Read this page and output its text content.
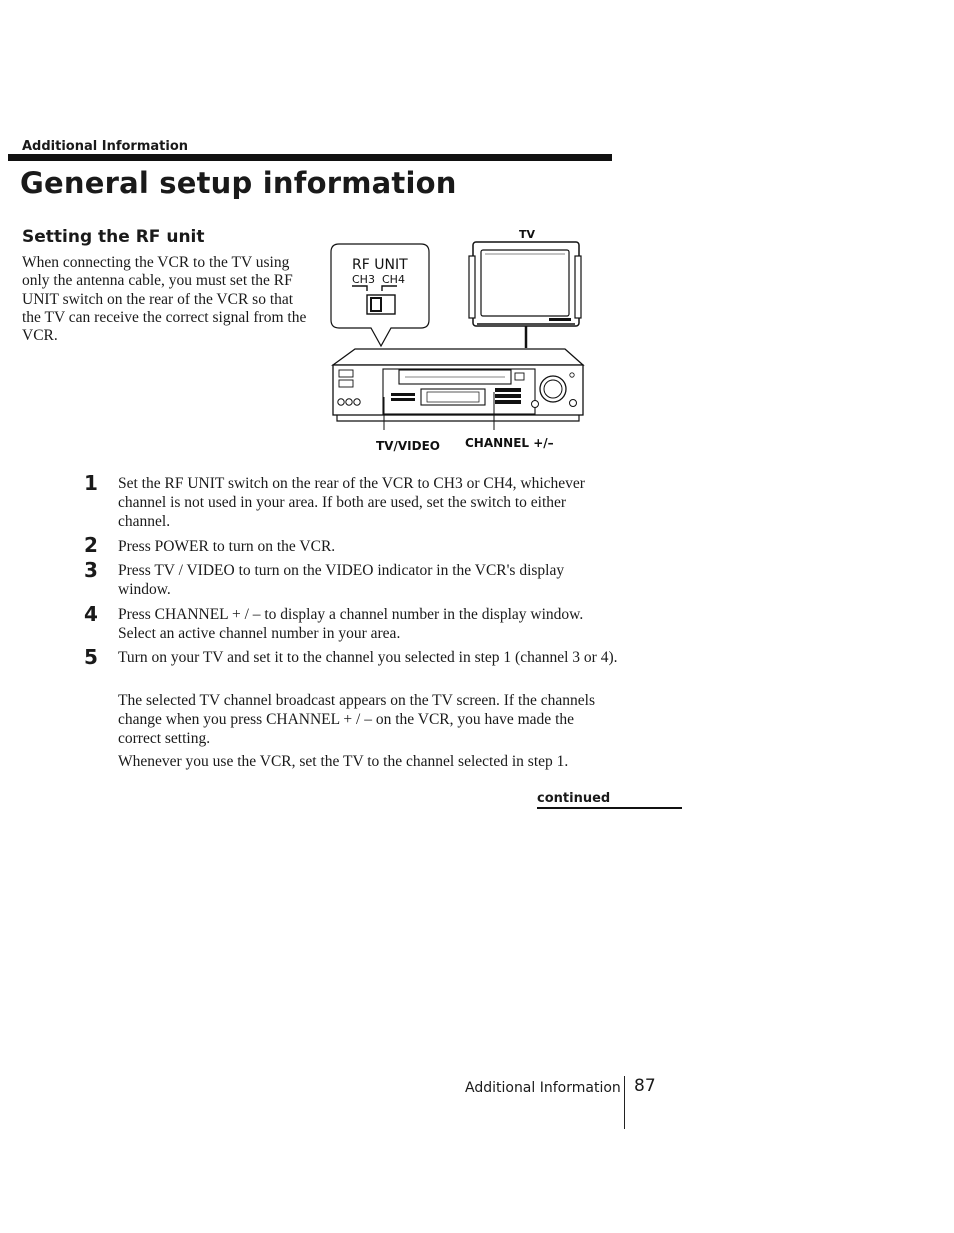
Additional Information
General setup information
Setting the RF unit
When connecting the VCR to the TV using only the antenna cable, you must set the RF UNIT switch on the rear of the VCR so that the TV can receive the correct signal from the VCR.
TV
RF UNIT
CH3 CH4
TV/VIDEO CHANNEL +/–
1 Set the RF UNIT switch on the rear of the VCR to CH3 or CH4, whichever channel is not used in your area. If both are used, set the switch to either channel.
2 Press POWER to turn on the VCR.
3 Press TV / VIDEO to turn on the VIDEO indicator in the VCR's display window.
4 Press CHANNEL + / – to display a channel number in the display window. Select an active channel number in your area.
5 Turn on your TV and set it to the channel you selected in step 1 (channel 3 or 4).
The selected TV channel broadcast appears on the TV screen. If the channels change when you press CHANNEL + / – on the VCR, you have made the correct setting.
Whenever you use the VCR, set the TV to the channel selected in step 1.
continued
Additional Information 87
